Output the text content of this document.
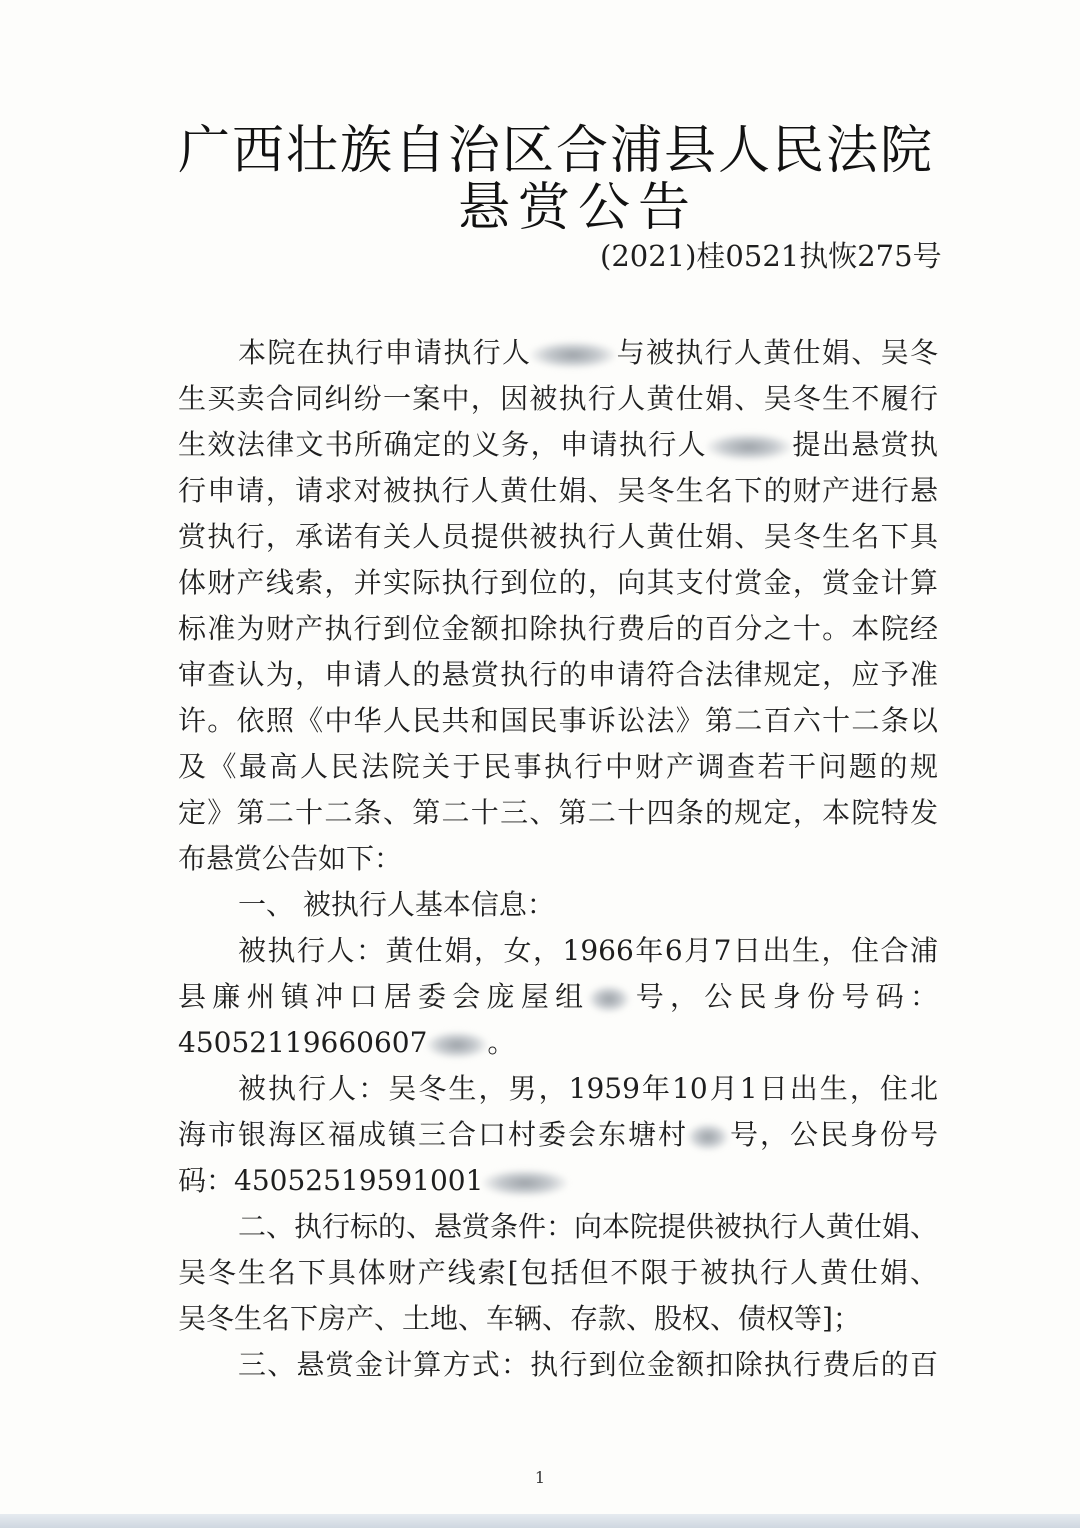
广西壮族自治区合浦县人民法院
悬赏公告
(2021)桂0521执恢275号
本院在执行申请执行人	与被执行人黄仕娟、吴冬
生买卖合同纠纷一案中，因被执行人黄仕娟、吴冬生不履行
生效法律文书所确定的义务，申请执行人	提出悬赏执
行申请，请求对被执行人黄仕娟、吴冬生名下的财产进行悬
赏执行，承诺有关人员提供被执行人黄仕娟、吴冬生名下具
体财产线索，并实际执行到位的，向其支付赏金，赏金计算
标准为财产执行到位金额扣除执行费后的百分之十。本院经
审查认为，申请人的悬赏执行的申请符合法律规定，应予准
许。依照《中华人民共和国民事诉讼法》第二百六十二条以
及《最高人民法院关于民事执行中财产调查若干问题的规
定》第二十二条、第二十三、第二十四条的规定，本院特发
布悬赏公告如下：
一、 被执行人基本信息：
被执行人：黄仕娟，女，1966年6月7日出生，住合浦
县廉州镇冲口居委会庞屋组 号，公民身份号码：
45052119660607 。
被执行人：吴冬生，男，1959年10月1日出生，住北
海市银海区福成镇三合口村委会东塘村 号，公民身份号
码：45052519591001
二、执行标的、悬赏条件：向本院提供被执行人黄仕娟、
吴冬生名下具体财产线索[包括但不限于被执行人黄仕娟、
吴冬生名下房产、土地、车辆、存款、股权、债权等]；
三、悬赏金计算方式：执行到位金额扣除执行费后的百
1
